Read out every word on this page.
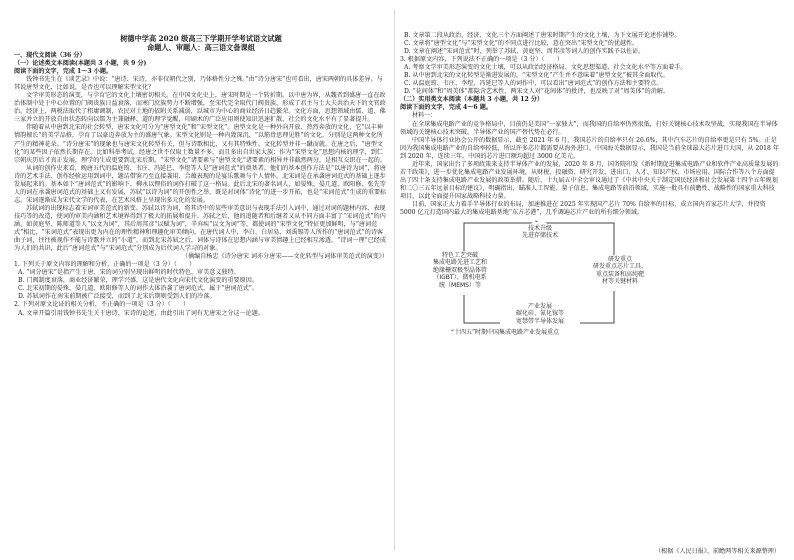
树德中学高 2020 级高三下学期开学考试语文试题

命题人、审题人：高三语文备课组

一、现代文阅读（36 分）

（一）论述类文本阅读(本题共 3 小题，共 9 分)

阅读下面的文字，完成 1～3 小题。

钱钟书先生在《谈艺录》中说：“唐诗、宋诗，亦非仅朝代之别，乃体格性分之殊。”由“诗分唐宋”也可看出，唐宋两朝的具体差异。与其说唐型文化，比如说，是否也可以理解宋型文化？

文学审美形态的演变，与孕育它的文化土壤密切相关。在中国文化史上，唐宋时期是一个转折期。以中唐为界，从魏晋到盛唐一直在政治体制中处于中心位置的门阀贵族日益衰落，而寒门庶族势力不断增强，至宋代完全取代门阀贵族，形成了君主与士大夫共治天下的文官政治。经济上，两税法取代了租庸调制，农民对土地的依附关系减弱，以城市为中心的商业经济日趋繁荣。文化方面，思想领域由儒、道、佛三家并立的开放自由状态转向以儒为主兼融释、道的理学觉醒，印刷术的广泛应用则使知识迅速扩散，社会的文化水平有了显著提升。

伴随着从中唐到北宋的社会转型，唐宋文化可分为“唐型文化”和“宋型文化”。唐型文化是一种外向开放、热烈奔放的文化，它“以丰神情韵擅长”的美学品格，孕育了以豪迈奔放为主的盛唐气象。宋型文化则是一种内敛深沉、“以筋骨思理见胜”的文化，分别是这两种文化所产生的精神花朵。“诗分唐宋”的现象也与唐宋文化转型有关，但与诗歌相比，又有其特殊性。文化转型并非一蹴而就。在唐之后，“唐型文化”的某些因子依然长期存在。比如科举考试，经唐之世不仅取士数量不多，而且多出自世家大族；作为“宋型文化”思想内核的理学，到仁宗朝庆历后才真正发展，理学的生成更要到北宋后期。“宋型文化”诸要素与“唐型文化”诸要素的相异并非截然两分，是相互交织在一起的。

从词的创作史来看，晚唐五代的温庭筠、韦庄、冯延巳、李煜等人是“唐词范式”的奠基者。他们的基本创作方法是“以唐诗为词”，将唐诗的艺术手法、创作经验运用到词中，题诘借鉴乃至直接袭用，合蕴表现的是宴乐歌舞与个人情怀。北宋词是在承袭唐词范式的基础上逐步发展起来的。基本如下“唐词范式”的影响下，柳永以俚俗的词作打破了这一格局。此后北宋的著名词人，如晏殊、晏几道、欧阳修、张先等人的词在承袭唐词范式的基础上又有发展，苏轼“以诗为词”的开创性之举，既是对词体“诗化”的进一步开拓，也是“宋词范式”生成的重要标志。宋词逐渐成为宋代文学的代表，在艺术风格上呈现出多元化的发展。

苏轼词的出现标志着宋词审美范式的新变。苏轼以诗为词，将其诗中的某些审美意识与表现手法引入词中，通过对词的题材内容、表现技巧等的改造，使词的审美内涵和艺术境界得到了极大的拓展和提升。苏轼之后，他的追随者和后继者又从不同方面丰富了“宋词范式”的内涵。如黄庭坚、陈师道等人“以文为词”，其后周邦彦“以赋为词”，辛弃疾“以文为词”等，都使词的“宋型文化”特征更加鲜明，与“唐词范式”相比，“宋词范式”表现出更为内在的理性精神和理趣化审美倾向。在唐代词人中，李白、白居易、刘禹锡等人所作的“唐词范式”的诗客曲子词，往往被视作不能与诗歌并立的“小道”，而到北宋苏轼之后，词体与诗体在思想内涵与审美情趣上已经相互渗透，“诗词一理”已经成为人们的共识，此后“唐词范式”与“宋词范式”分别成为后代词人学习的对象。

（摘编自杨忠《诗分唐宋 词亦分唐宋——文化转型与词体审美范式的演变》）

1. 下列关于原文内容的理解和分析，正确的一项是（3 分）（　　）

A. “词分唐宋”是指产生于唐、宋的词分别呈现出鲜明的时代特色，审美意义独特。

B. 门阀制度衰落，商业经济繁荣，理学兴盛，这是唐代文化向宋代文化演变的重要原因。

C. 北宋初期的晏殊、晏几道、欧阳修等人的词作大体沿袭了唐词范式，属于“唐词范式”。

D. 苏轼词作在南宋前期被广泛接受，而到了北宋后期则受到人们的冷落。

2. 下列对原文论证的相关分析，不正确的一项是（3 分）（　　）

A. 文章开篇引用钱钟书先生关于唐诗、宋诗的论述，由此引出了词有无唐宋之分这一论题。

B. 文章第二段从政治、经济、文化三个方面阐述了唐宋时期产生的文化土壤，为下文展开论述作铺垫。

C. 文章将“唐型文化”与“宋型文化”的不同点进行比较，意在突出“宋型文化”的优越性。

D. 文章在阐述“宋词范式”时，列举了苏轼、黄庭坚、周邦彦等词人的创作实践予以佐证。

3. 根据原文内容，下列说法不正确的一项是（3 分）（　　）

A. 考察文学审美形态演变的文化土壤，可以从政治经济格局、文化思想渠道、社会文化水平等方面着手。

B. 从中唐到北宋的文化转型是渐进发展的，“宋型文化”产生并不意味着“唐型文化”被其全面取代。

C. 从温庭筠、韦庄、李煜、冯延巳等人的词作中，可以看出“唐词范式”的创作方法和主要特点。

D. “花间体”和“周美体”都隐含艺术性，两宋文人对“花间体”的批评，也反映了对“周美体”的消解。

（二）实用类文本阅读（本题共 3 小题，共 12 分）

阅读下面的文字，完成 4～6 题。

材料一：

在全球集成电路产业的竞争格局中，目前仍是美国“一家独大”，而我国的自给率仍然很低，打好关键核心技术攻坚战，实现我国在半导体领域的关键核心技术突破，半导体产业的国产替代势在必行。

中国半导体行业协会公开的数据显示，截至 2021 年 6 月，我国芯片的自给率只有 26.6%，其中汽车芯片的自给率更是只有 5%。正是因为我国集成电路产业的自给率较低，所以许多芯片都需要从海外进口。中国海关数据显示，我国是当前全球最大芯片进口大国，从 2018 年到 2020 年，连续三年，中国的芯片进口额均超过 3000 亿美元。

近年来，国家出台了多项政策来支持半导体产业的发展，2020 年 8 月，国务院印发《新时期促进集成电路产业和软件产业高质量发展的若干政策》，进一步优化集成电路产业发展环境，从财税、投融资、研究开发、进出口、人才、知识产权、市场应用、国际合作等八个方面提出了四十条支持集成电路产业发展的政策举措。随后，十九届五中全会审议通过了《中共中央关于制定国民经济和社会发展第十四个五年规划和二〇三五年远景目标的建议》，明确指出，瞄准人工智能、量子信息、集成电路等前沿领域，实施一批具有前瞻性、战略性的国家重大科技项目，以此全面提升国家战略科技力量。

目前，国家正大力着手半导体行业的布局，加速推进在 2025 年实现国产芯片 70% 自给率的目标，成立国内首家芯片大学，并投资 5000 亿元打造国内最大的集成电路基地“东方芯港”，几乎调遍芯片产业的所有细分领域。

技术升级
先进存储技术
特色工艺突破
集成电路先进工艺和
绝缘栅双极型晶体管
（IGBT）、微机电系
统（MEMS）等
研发重点
研发重点芯片工具、
重点装备和高纯靶
材等关键材料
产业发展
碳化硅、氮化镓等
宽禁带半导体发展
“十四五”时期中国集成电路产业发展重点
（根据《人民日报》、前瞻网等相关来源整理）
